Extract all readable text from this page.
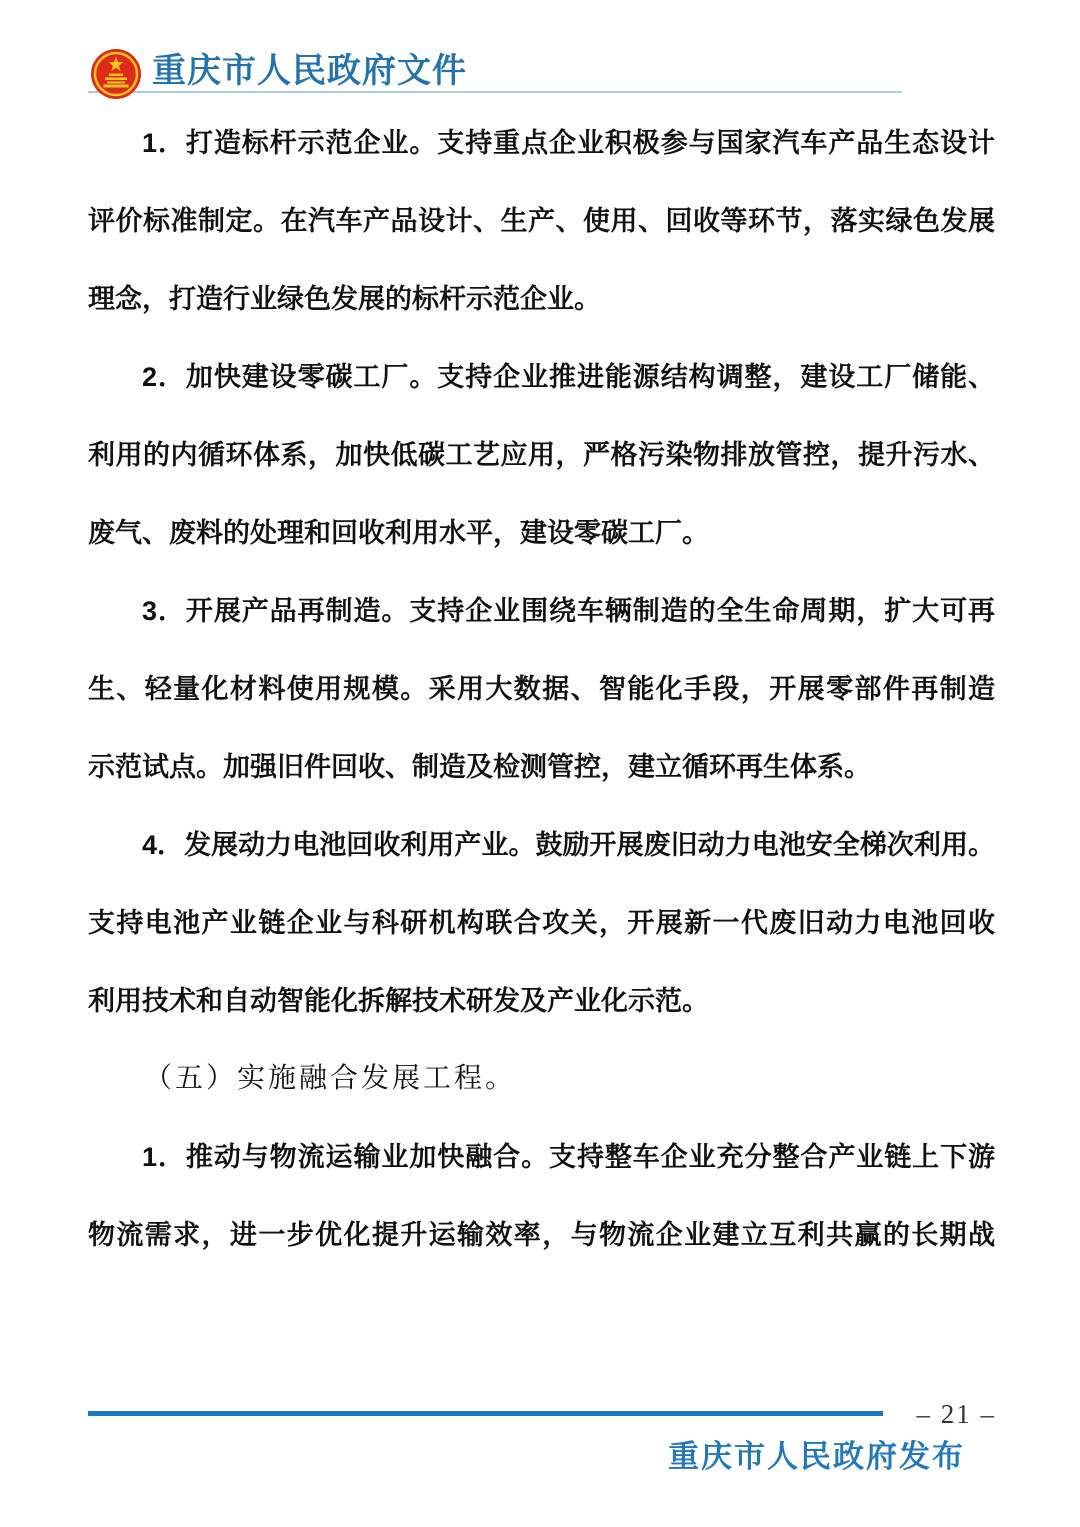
重庆市人民政府文件
1．打造标杆示范企业。支持重点企业积极参与国家汽车产品生态设计
评价标准制定。在汽车产品设计、生产、使用、回收等环节，落实绿色发展
理念，打造行业绿色发展的标杆示范企业。
2．加快建设零碳工厂。支持企业推进能源结构调整，建设工厂储能、
利用的内循环体系，加快低碳工艺应用，严格污染物排放管控，提升污水、
废气、废料的处理和回收利用水平，建设零碳工厂。
3．开展产品再制造。支持企业围绕车辆制造的全生命周期，扩大可再
生、轻量化材料使用规模。采用大数据、智能化手段，开展零部件再制造
示范试点。加强旧件回收、制造及检测管控，建立循环再生体系。
4．发展动力电池回收利用产业。鼓励开展废旧动力电池安全梯次利用。
支持电池产业链企业与科研机构联合攻关，开展新一代废旧动力电池回收
利用技术和自动智能化拆解技术研发及产业化示范。
（五）实施融合发展工程。
1．推动与物流运输业加快融合。支持整车企业充分整合产业链上下游
物流需求，进一步优化提升运输效率，与物流企业建立互利共赢的长期战
– 21 –
重庆市人民政府发布
